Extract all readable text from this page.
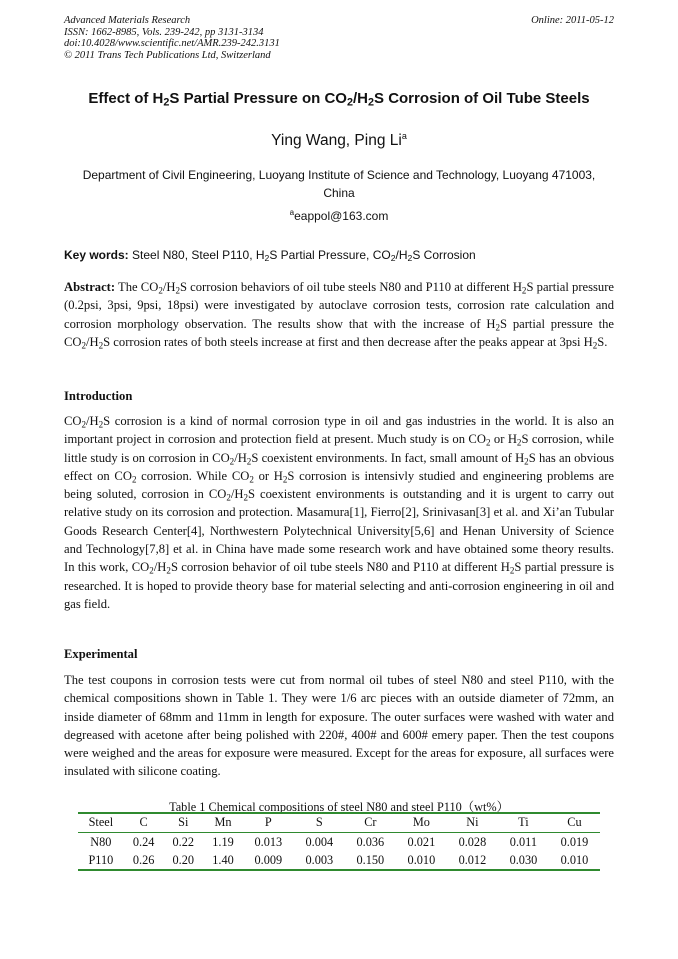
Advanced Materials Research
ISSN: 1662-8985, Vols. 239-242, pp 3131-3134
doi:10.4028/www.scientific.net/AMR.239-242.3131
© 2011 Trans Tech Publications Ltd, Switzerland
Online: 2011-05-12
Effect of $H_2S$ Partial Pressure on $CO_2/H_2S$ Corrosion of Oil Tube Steels
Ying Wang, Ping Li$^a$
Department of Civil Engineering, Luoyang Institute of Science and Technology, Luoyang 471003,
China
$^a$eappol@163.com
Key words: Steel N80, Steel P110, $H_2S$ Partial Pressure, $CO_2/H_2S$ Corrosion

Abstract: The $CO_2/H_2S$ corrosion behaviors of oil tube steels N80 and P110 at different $H_2S$ partial pressure (0.2psi, 3psi, 9psi, 18psi) were investigated by autoclave corrosion tests, corrosion rate calculation and corrosion morphology observation. The results show that with the increase of $H_2S$ partial pressure the $CO_2/H_2S$ corrosion rates of both steels increase at first and then decrease after the peaks appear at 3psi $H_2S$.

Introduction

$CO_2/H_2S$ corrosion is a kind of normal corrosion type in oil and gas industries in the world. It is also an important project in corrosion and protection field at present. Much study is on $CO_2$ or $H_2S$ corrosion, while little study is on corrosion in $CO_2/H_2S$ coexistent environments. In fact, small amount of $H_2S$ has an obvious effect on $CO_2$ corrosion. While $CO_2$ or $H_2S$ corrosion is intensivly studied and engineering problems are being soluted, corrosion in $CO_2/H_2S$ coexistent environments is outstanding and it is urgent to carry out relative study on its corrosion and protection. Masamura[1], Fierro[2], Srinivasan[3] et al. and Xi’an Tubular Goods Research Center[4], Northwestern Polytechnical University[5,6] and Henan University of Science and Technology[7,8] et al. in China have made some research work and have obtained some theory results. In this work, $CO_2/H_2S$ corrosion behavior of oil tube steels N80 and P110 at different $H_2S$ partial pressure is researched. It is hoped to provide theory base for material selecting and anti-corrosion engineering in oil and gas field.

Experimental

The test coupons in corrosion tests were cut from normal oil tubes of steel N80 and steel P110, with the chemical compositions shown in Table 1. They were 1/6 arc pieces with an outside diameter of 72mm, an inside diameter of 68mm and 11mm in length for exposure. The outer surfaces were washed with water and degreased with acetone after being polished with 220#, 400# and 600# emery paper. Then the test coupons were weighed and the areas for exposure were measured. Except for the areas for exposure, all surfaces were insulated with silicone coating.

Table 1 Chemical compositions of steel N80 and steel P110（wt%）
Steel	C	Si	Mn	P	S	Cr	Mo	Ni	Ti	Cu
N80	0.24	0.22	1.19	0.013	0.004	0.036	0.021	0.028	0.011	0.019
P110	0.26	0.20	1.40	0.009	0.003	0.150	0.010	0.012	0.030	0.010
